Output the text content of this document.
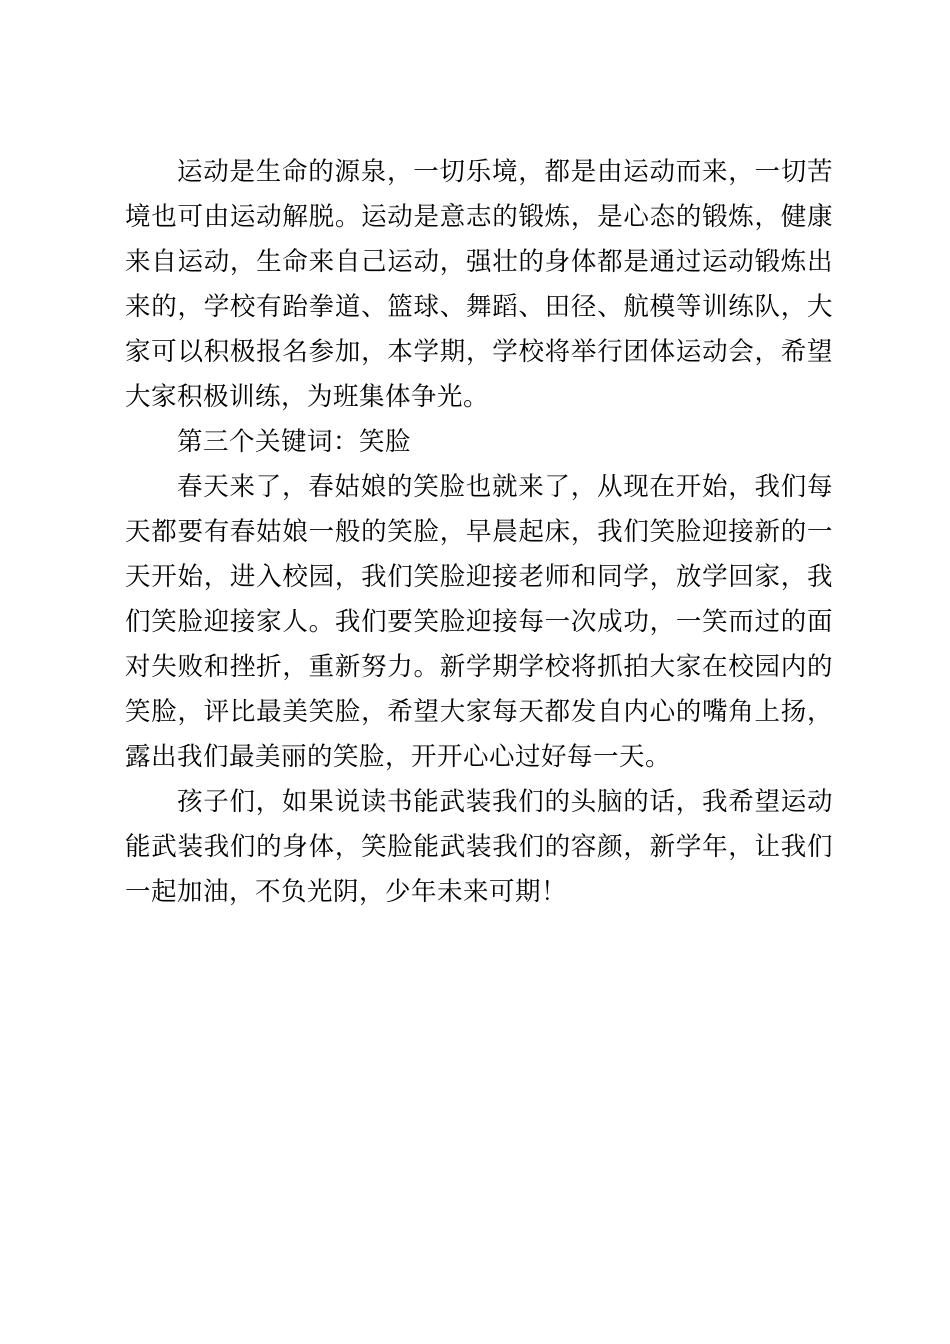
运动是生命的源泉，一切乐境，都是由运动而来，一切苦境也可由运动解脱。运动是意志的锻炼，是心态的锻炼，健康来自运动，生命来自己运动，强壮的身体都是通过运动锻炼出来的，学校有跆拳道、篮球、舞蹈、田径、航模等训练队，大家可以积极报名参加，本学期，学校将举行团体运动会，希望大家积极训练，为班集体争光。

第三个关键词：笑脸

春天来了，春姑娘的笑脸也就来了，从现在开始，我们每天都要有春姑娘一般的笑脸，早晨起床，我们笑脸迎接新的一天开始，进入校园，我们笑脸迎接老师和同学，放学回家，我们笑脸迎接家人。我们要笑脸迎接每一次成功，一笑而过的面对失败和挫折，重新努力。新学期学校将抓拍大家在校园内的笑脸，评比最美笑脸，希望大家每天都发自内心的嘴角上扬，露出我们最美丽的笑脸，开开心心过好每一天。

孩子们，如果说读书能武装我们的头脑的话，我希望运动能武装我们的身体，笑脸能武装我们的容颜，新学年，让我们一起加油，不负光阴，少年未来可期！
